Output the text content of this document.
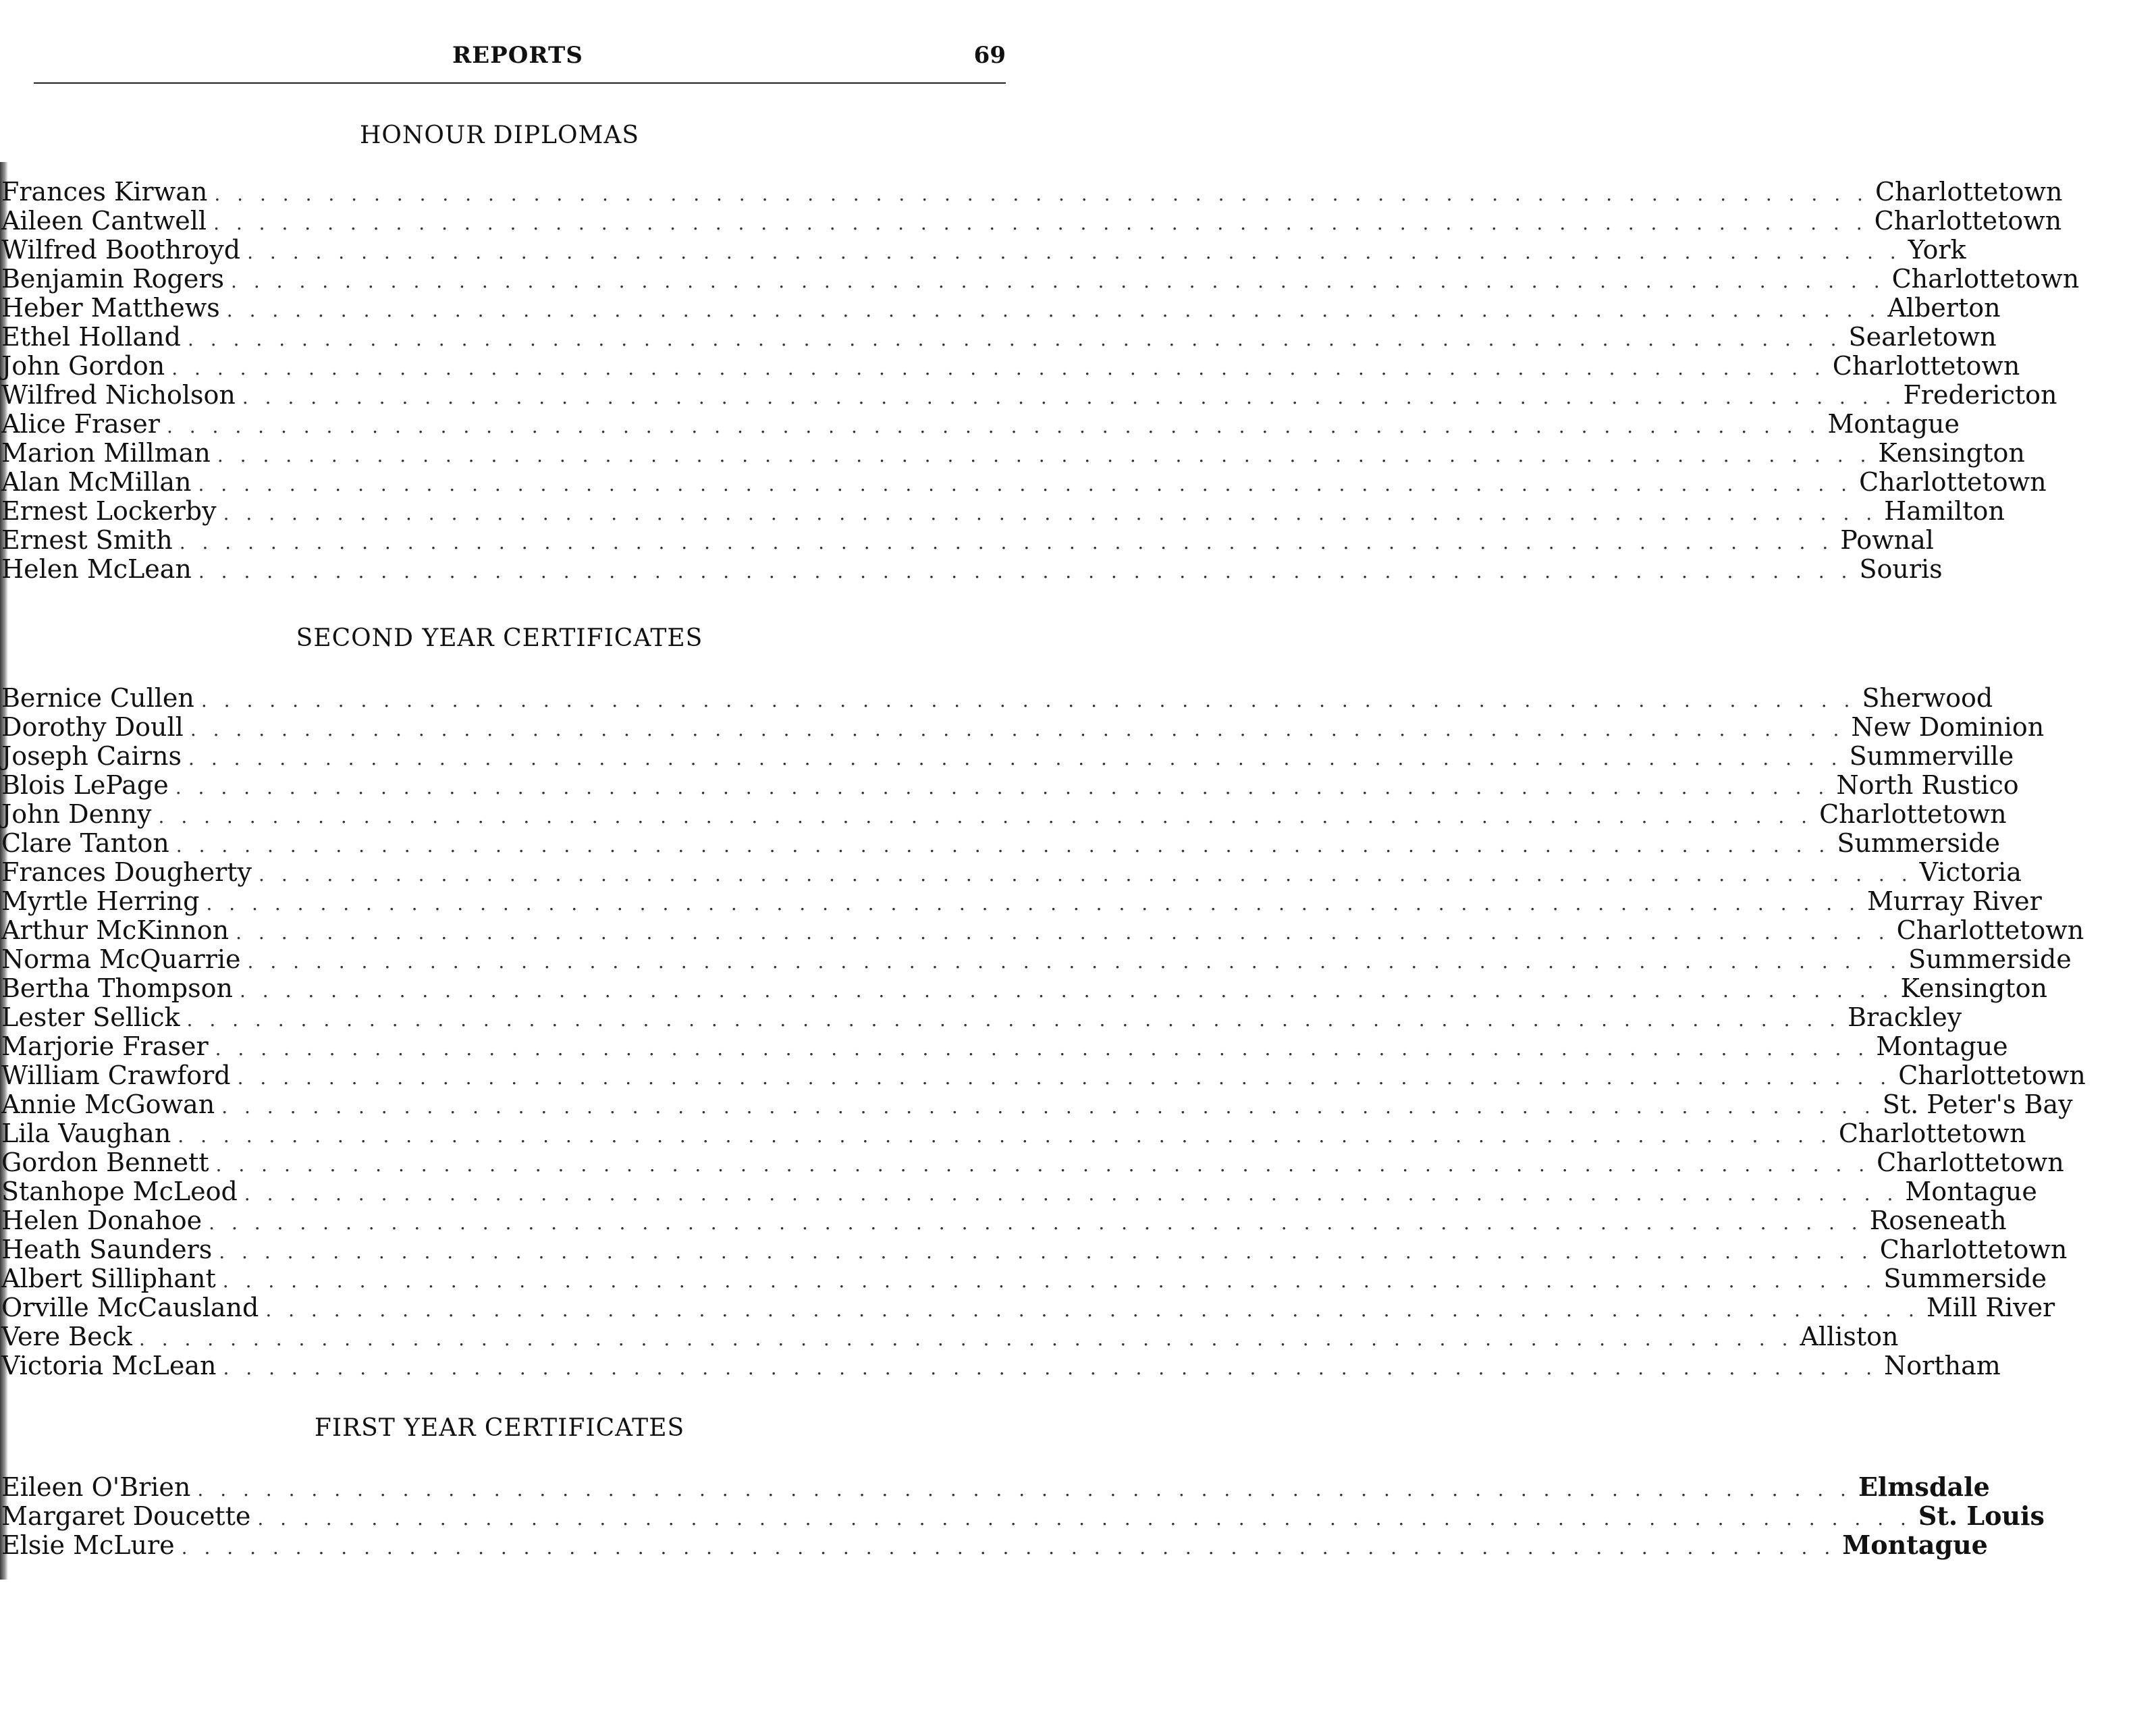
REPORTS	69
HONOUR DIPLOMAS
Frances Kirwan . . . . . . . . . . . . . . . . . . . . . . . . . . . . . . . . . . . . . . . . . . . . . . . . . . . . . . . . . . . . . . . . . . . . . . . . . Charlottetown
Aileen Cantwell . . . . . . . . . . . . . . . . . . . . . . . . . . . . . . . . . . . . . . . . . . . . . . . . . . . . . . . . . . . . . . . . . . . . . . . . . Charlottetown
Wilfred Boothroyd . . . . . . . . . . . . . . . . . . . . . . . . . . . . . . . . . . . . . . . . . . . . . . . . . . . . . . . . . . . . . . . . . . . . . . . . . York
Benjamin Rogers . . . . . . . . . . . . . . . . . . . . . . . . . . . . . . . . . . . . . . . . . . . . . . . . . . . . . . . . . . . . . . . . . . . . . . . . . Charlottetown
Heber Matthews . . . . . . . . . . . . . . . . . . . . . . . . . . . . . . . . . . . . . . . . . . . . . . . . . . . . . . . . . . . . . . . . . . . . . . . . . Alberton
Ethel Holland . . . . . . . . . . . . . . . . . . . . . . . . . . . . . . . . . . . . . . . . . . . . . . . . . . . . . . . . . . . . . . . . . . . . . . . . . Searletown
John Gordon . . . . . . . . . . . . . . . . . . . . . . . . . . . . . . . . . . . . . . . . . . . . . . . . . . . . . . . . . . . . . . . . . . . . . . . . . Charlottetown
Wilfred Nicholson . . . . . . . . . . . . . . . . . . . . . . . . . . . . . . . . . . . . . . . . . . . . . . . . . . . . . . . . . . . . . . . . . . . . . . . . . Fredericton
Alice Fraser . . . . . . . . . . . . . . . . . . . . . . . . . . . . . . . . . . . . . . . . . . . . . . . . . . . . . . . . . . . . . . . . . . . . . . . . . Montague
Marion Millman . . . . . . . . . . . . . . . . . . . . . . . . . . . . . . . . . . . . . . . . . . . . . . . . . . . . . . . . . . . . . . . . . . . . . . . . . Kensington
Alan McMillan . . . . . . . . . . . . . . . . . . . . . . . . . . . . . . . . . . . . . . . . . . . . . . . . . . . . . . . . . . . . . . . . . . . . . . . . . Charlottetown
Ernest Lockerby . . . . . . . . . . . . . . . . . . . . . . . . . . . . . . . . . . . . . . . . . . . . . . . . . . . . . . . . . . . . . . . . . . . . . . . . . Hamilton
Ernest Smith . . . . . . . . . . . . . . . . . . . . . . . . . . . . . . . . . . . . . . . . . . . . . . . . . . . . . . . . . . . . . . . . . . . . . . . . . Pownal
Helen McLean . . . . . . . . . . . . . . . . . . . . . . . . . . . . . . . . . . . . . . . . . . . . . . . . . . . . . . . . . . . . . . . . . . . . . . . . . Souris
SECOND YEAR CERTIFICATES
Bernice Cullen . . . . . . . . . . . . . . . . . . . . . . . . . . . . . . . . . . . . . . . . . . . . . . . . . . . . . . . . . . . . . . . . . . . . . . . . . Sherwood
Dorothy Doull . . . . . . . . . . . . . . . . . . . . . . . . . . . . . . . . . . . . . . . . . . . . . . . . . . . . . . . . . . . . . . . . . . . . . . . . . New Dominion
Joseph Cairns . . . . . . . . . . . . . . . . . . . . . . . . . . . . . . . . . . . . . . . . . . . . . . . . . . . . . . . . . . . . . . . . . . . . . . . . . Summerville
Blois LePage . . . . . . . . . . . . . . . . . . . . . . . . . . . . . . . . . . . . . . . . . . . . . . . . . . . . . . . . . . . . . . . . . . . . . . . . . North Rustico
John Denny . . . . . . . . . . . . . . . . . . . . . . . . . . . . . . . . . . . . . . . . . . . . . . . . . . . . . . . . . . . . . . . . . . . . . . . . . Charlottetown
Clare Tanton . . . . . . . . . . . . . . . . . . . . . . . . . . . . . . . . . . . . . . . . . . . . . . . . . . . . . . . . . . . . . . . . . . . . . . . . . Summerside
Frances Dougherty . . . . . . . . . . . . . . . . . . . . . . . . . . . . . . . . . . . . . . . . . . . . . . . . . . . . . . . . . . . . . . . . . . . . . . . . . Victoria
Myrtle Herring . . . . . . . . . . . . . . . . . . . . . . . . . . . . . . . . . . . . . . . . . . . . . . . . . . . . . . . . . . . . . . . . . . . . . . . . . Murray River
Arthur McKinnon . . . . . . . . . . . . . . . . . . . . . . . . . . . . . . . . . . . . . . . . . . . . . . . . . . . . . . . . . . . . . . . . . . . . . . . . . Charlottetown
Norma McQuarrie . . . . . . . . . . . . . . . . . . . . . . . . . . . . . . . . . . . . . . . . . . . . . . . . . . . . . . . . . . . . . . . . . . . . . . . . . Summerside
Bertha Thompson . . . . . . . . . . . . . . . . . . . . . . . . . . . . . . . . . . . . . . . . . . . . . . . . . . . . . . . . . . . . . . . . . . . . . . . . . Kensington
Lester Sellick . . . . . . . . . . . . . . . . . . . . . . . . . . . . . . . . . . . . . . . . . . . . . . . . . . . . . . . . . . . . . . . . . . . . . . . . . Brackley
Marjorie Fraser . . . . . . . . . . . . . . . . . . . . . . . . . . . . . . . . . . . . . . . . . . . . . . . . . . . . . . . . . . . . . . . . . . . . . . . . . Montague
William Crawford . . . . . . . . . . . . . . . . . . . . . . . . . . . . . . . . . . . . . . . . . . . . . . . . . . . . . . . . . . . . . . . . . . . . . . . . . Charlottetown
Annie McGowan . . . . . . . . . . . . . . . . . . . . . . . . . . . . . . . . . . . . . . . . . . . . . . . . . . . . . . . . . . . . . . . . . . . . . . . . . St. Peter's Bay
Lila Vaughan . . . . . . . . . . . . . . . . . . . . . . . . . . . . . . . . . . . . . . . . . . . . . . . . . . . . . . . . . . . . . . . . . . . . . . . . . Charlottetown
Gordon Bennett . . . . . . . . . . . . . . . . . . . . . . . . . . . . . . . . . . . . . . . . . . . . . . . . . . . . . . . . . . . . . . . . . . . . . . . . . Charlottetown
Stanhope McLeod . . . . . . . . . . . . . . . . . . . . . . . . . . . . . . . . . . . . . . . . . . . . . . . . . . . . . . . . . . . . . . . . . . . . . . . . . Montague
Helen Donahoe . . . . . . . . . . . . . . . . . . . . . . . . . . . . . . . . . . . . . . . . . . . . . . . . . . . . . . . . . . . . . . . . . . . . . . . . . Roseneath
Heath Saunders . . . . . . . . . . . . . . . . . . . . . . . . . . . . . . . . . . . . . . . . . . . . . . . . . . . . . . . . . . . . . . . . . . . . . . . . . Charlottetown
Albert Silliphant . . . . . . . . . . . . . . . . . . . . . . . . . . . . . . . . . . . . . . . . . . . . . . . . . . . . . . . . . . . . . . . . . . . . . . . . . Summerside
Orville McCausland . . . . . . . . . . . . . . . . . . . . . . . . . . . . . . . . . . . . . . . . . . . . . . . . . . . . . . . . . . . . . . . . . . . . . . . . . Mill River
Vere Beck . . . . . . . . . . . . . . . . . . . . . . . . . . . . . . . . . . . . . . . . . . . . . . . . . . . . . . . . . . . . . . . . . . . . . . . . . Alliston
Victoria McLean . . . . . . . . . . . . . . . . . . . . . . . . . . . . . . . . . . . . . . . . . . . . . . . . . . . . . . . . . . . . . . . . . . . . . . . . . Northam
FIRST YEAR CERTIFICATES
Eileen O'Brien . . . . . . . . . . . . . . . . . . . . . . . . . . . . . . . . . . . . . . . . . . . . . . . . . . . . . . . . . . . . . . . . . . . . . . . . . Elmsdale
Margaret Doucette . . . . . . . . . . . . . . . . . . . . . . . . . . . . . . . . . . . . . . . . . . . . . . . . . . . . . . . . . . . . . . . . . . . . . . . . . St. Louis
Elsie McLure . . . . . . . . . . . . . . . . . . . . . . . . . . . . . . . . . . . . . . . . . . . . . . . . . . . . . . . . . . . . . . . . . . . . . . . . . Montague
